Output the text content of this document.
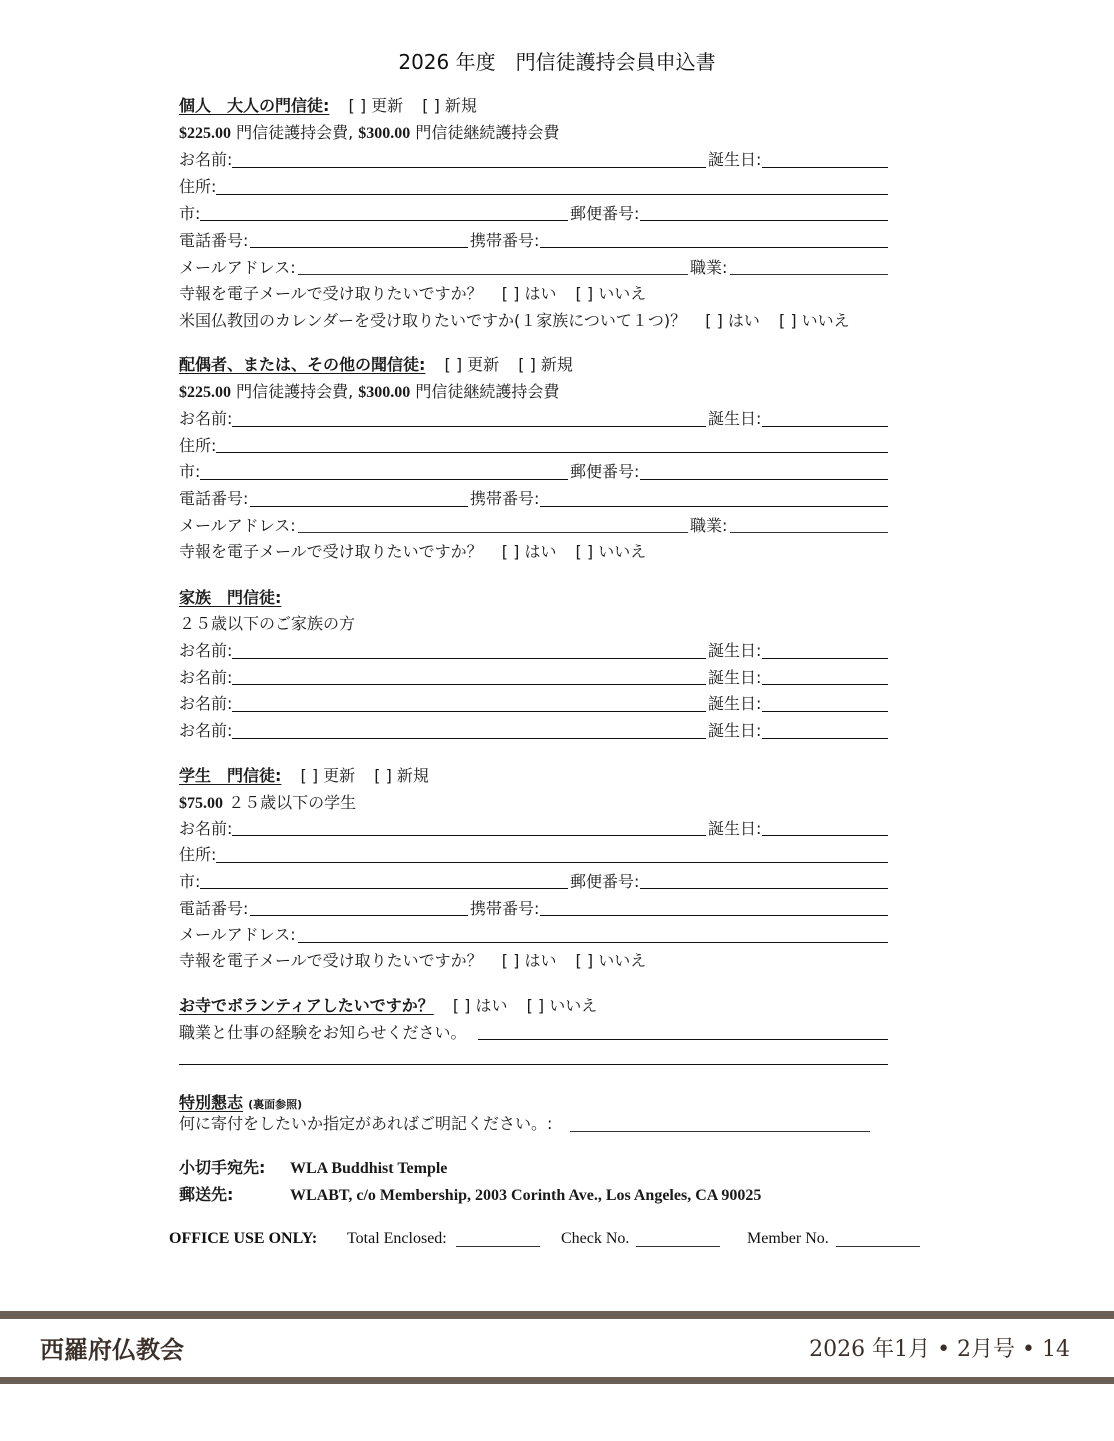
2026 年度　門信徒護持会員申込書
個人　大人の門信徒: [ ] 更新 [ ] 新規
$225.00 門信徒護持会費, $300.00 門信徒継続護持会費
お名前:	誕生日:
住所:
市:	郵便番号:
電話番号:	携帯番号:
メールアドレス:	職業:
寺報を電子メールで受け取りたいですか？ [ ] はい [ ] いいえ
米国仏教団のカレンダーを受け取りたいですか(１家族について１つ)？ [ ] はい [ ] いいえ
配偶者、または、その他の聞信徒: [ ] 更新 [ ] 新規
$225.00 門信徒護持会費, $300.00 門信徒継続護持会費
お名前:	誕生日:
住所:
市:	郵便番号:
電話番号:	携帯番号:
メールアドレス:	職業:
寺報を電子メールで受け取りたいですか？ [ ] はい [ ] いいえ
家族　門信徒:
２５歳以下のご家族の方
お名前:	誕生日:
お名前:	誕生日:
お名前:	誕生日:
お名前:	誕生日:
学生　門信徒: [ ] 更新 [ ] 新規
$75.00 ２５歳以下の学生
お名前:	誕生日:
住所:
市:	郵便番号:
電話番号:	携帯番号:
メールアドレス:
寺報を電子メールで受け取りたいですか？ [ ] はい [ ] いいえ
お寺でボランティアしたいですか？ [ ] はい [ ] いいえ
職業と仕事の経験をお知らせください。
特別懇志 (裏面参照)
何に寄付をしたいか指定があればご明記ください。:
小切手宛先: WLA Buddhist Temple
郵送先:	WLABT, c/o Membership, 2003 Corinth Ave., Los Angeles, CA 90025
OFFICE USE ONLY: Total Enclosed:	Check No.	Member No.
西羅府仏教会	2026 年1月 • 2月号 • 14
